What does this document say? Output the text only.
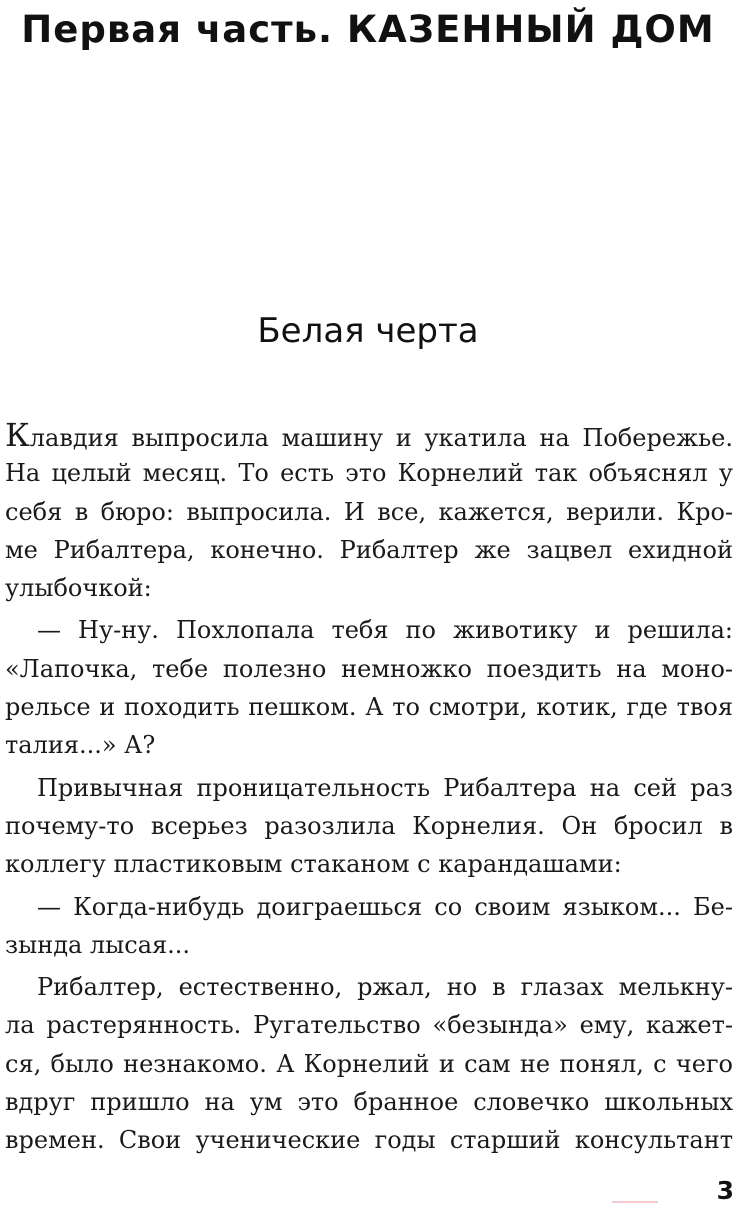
Первая часть. КАЗЕННЫЙ ДОМ
Белая черта
Клавдия выпросила машину и укатила на Побережье.
На целый месяц. То есть это Корнелий так объяснял у
себя в бюро: выпросила. И все, кажется, верили. Кро-
ме Рибалтера, конечно. Рибалтер же зацвел ехидной
улыбочкой:
— Ну-ну. Похлопала тебя по животику и решила:
«Лапочка, тебе полезно немножко поездить на моно-
рельсе и походить пешком. А то смотри, котик, где твоя
талия...» А?
Привычная проницательность Рибалтера на сей раз
почему-то всерьез разозлила Корнелия. Он бросил в
коллегу пластиковым стаканом с карандашами:
— Когда-нибудь доиграешься со своим языком... Бе-
зында лысая...
Рибалтер, естественно, ржал, но в глазах мелькну-
ла растерянность. Ругательство «безында» ему, кажет-
ся, было незнакомо. А Корнелий и сам не понял, с чего
вдруг пришло на ум это бранное словечко школьных
времен. Свои ученические годы старший консультант
3
